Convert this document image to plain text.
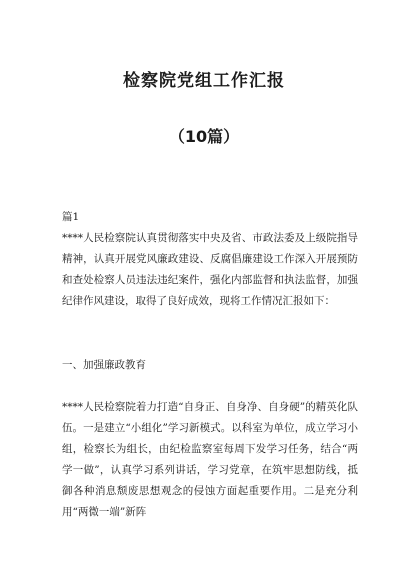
检察院党组工作汇报
（10篇）
篇1

****人民检察院认真贯彻落实中央及省、市政法委及上级院指导精神，认真开展党风廉政建设、反腐倡廉建设工作深入开展预防和查处检察人员违法违纪案件，强化内部监督和执法监督，加强纪律作风建设，取得了良好成效，现将工作情况汇报如下：

一、加强廉政教育

****人民检察院着力打造“自身正、自身净、自身硬”的精英化队伍。一是建立“小组化”学习新模式。以科室为单位，成立学习小组，检察长为组长，由纪检监察室每周下发学习任务，结合“两学一做”，认真学习系列讲话，学习党章，在筑牢思想防线，抵御各种消息颓废思想观念的侵蚀方面起重要作用。二是充分利用“两微一端”新阵
